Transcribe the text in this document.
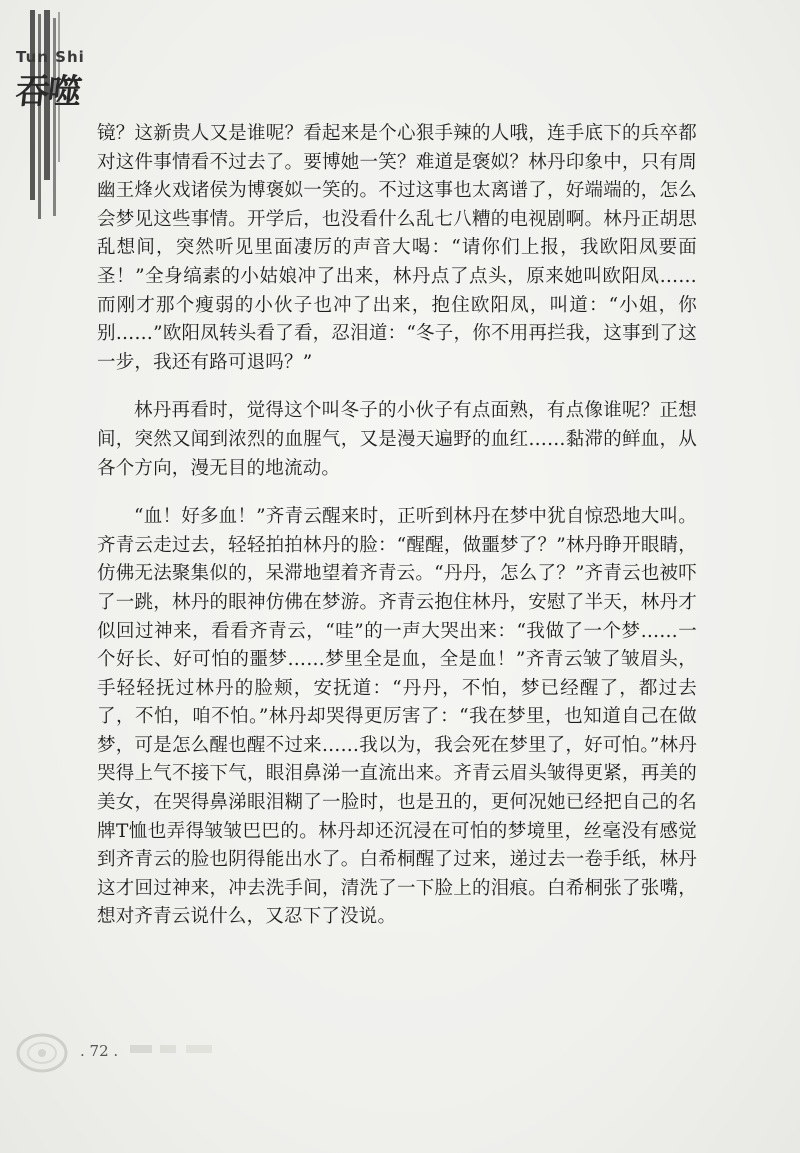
Tun Shi
吞噬

镜？这新贵人又是谁呢？看起来是个心狠手辣的人哦，连手底下的兵卒都对这件事情看不过去了。要博她一笑？难道是褒姒？林丹印象中，只有周幽王烽火戏诸侯为博褒姒一笑的。不过这事也太离谱了，好端端的，怎么会梦见这些事情。开学后，也没看什么乱七八糟的电视剧啊。林丹正胡思乱想间，突然听见里面凄厉的声音大喝：“请你们上报，我欧阳凤要面圣！”全身缟素的小姑娘冲了出来，林丹点了点头，原来她叫欧阳凤……而刚才那个瘦弱的小伙子也冲了出来，抱住欧阳凤，叫道：“小姐，你别……”欧阳凤转头看了看，忍泪道：“冬子，你不用再拦我，这事到了这一步，我还有路可退吗？”

林丹再看时，觉得这个叫冬子的小伙子有点面熟，有点像谁呢？正想间，突然又闻到浓烈的血腥气，又是漫天遍野的血红……黏滞的鲜血，从各个方向，漫无目的地流动。

“血！好多血！”齐青云醒来时，正听到林丹在梦中犹自惊恐地大叫。齐青云走过去，轻轻拍拍林丹的脸：“醒醒，做噩梦了？”林丹睁开眼睛，仿佛无法聚集似的，呆滞地望着齐青云。“丹丹，怎么了？”齐青云也被吓了一跳，林丹的眼神仿佛在梦游。齐青云抱住林丹，安慰了半天，林丹才似回过神来，看看齐青云，“哇”的一声大哭出来：“我做了一个梦……一个好长、好可怕的噩梦……梦里全是血，全是血！”齐青云皱了皱眉头，手轻轻抚过林丹的脸颊，安抚道：“丹丹，不怕，梦已经醒了，都过去了，不怕，咱不怕。”林丹却哭得更厉害了：“我在梦里，也知道自己在做梦，可是怎么醒也醒不过来……我以为，我会死在梦里了，好可怕。”林丹哭得上气不接下气，眼泪鼻涕一直流出来。齐青云眉头皱得更紧，再美的美女，在哭得鼻涕眼泪糊了一脸时，也是丑的，更何况她已经把自己的名牌T恤也弄得皱皱巴巴的。林丹却还沉浸在可怕的梦境里，丝毫没有感觉到齐青云的脸也阴得能出水了。白希桐醒了过来，递过去一卷手纸，林丹这才回过神来，冲去洗手间，清洗了一下脸上的泪痕。白希桐张了张嘴，想对齐青云说什么，又忍下了没说。

. 72 .
